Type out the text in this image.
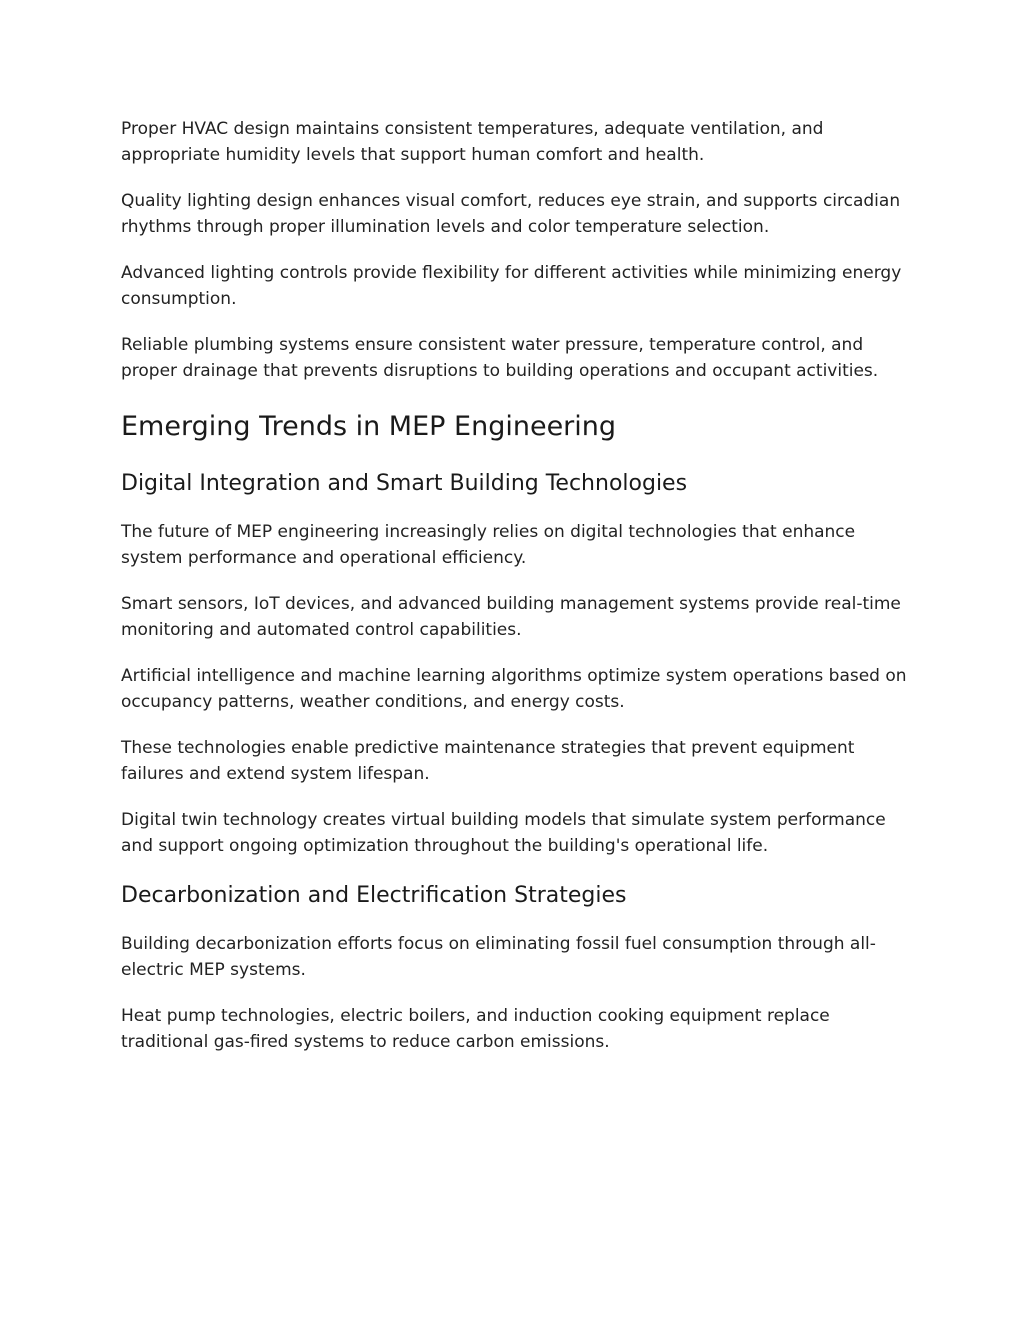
Proper HVAC design maintains consistent temperatures, adequate ventilation, and appropriate humidity levels that support human comfort and health.

Quality lighting design enhances visual comfort, reduces eye strain, and supports circadian rhythms through proper illumination levels and color temperature selection.

Advanced lighting controls provide flexibility for different activities while minimizing energy consumption.

Reliable plumbing systems ensure consistent water pressure, temperature control, and proper drainage that prevents disruptions to building operations and occupant activities.

Emerging Trends in MEP Engineering
Digital Integration and Smart Building Technologies

The future of MEP engineering increasingly relies on digital technologies that enhance system performance and operational efficiency.

Smart sensors, IoT devices, and advanced building management systems provide real-time monitoring and automated control capabilities.

Artificial intelligence and machine learning algorithms optimize system operations based on occupancy patterns, weather conditions, and energy costs.

These technologies enable predictive maintenance strategies that prevent equipment failures and extend system lifespan.

Digital twin technology creates virtual building models that simulate system performance and support ongoing optimization throughout the building's operational life.

Decarbonization and Electrification Strategies

Building decarbonization efforts focus on eliminating fossil fuel consumption through all-electric MEP systems.

Heat pump technologies, electric boilers, and induction cooking equipment replace traditional gas-fired systems to reduce carbon emissions.
